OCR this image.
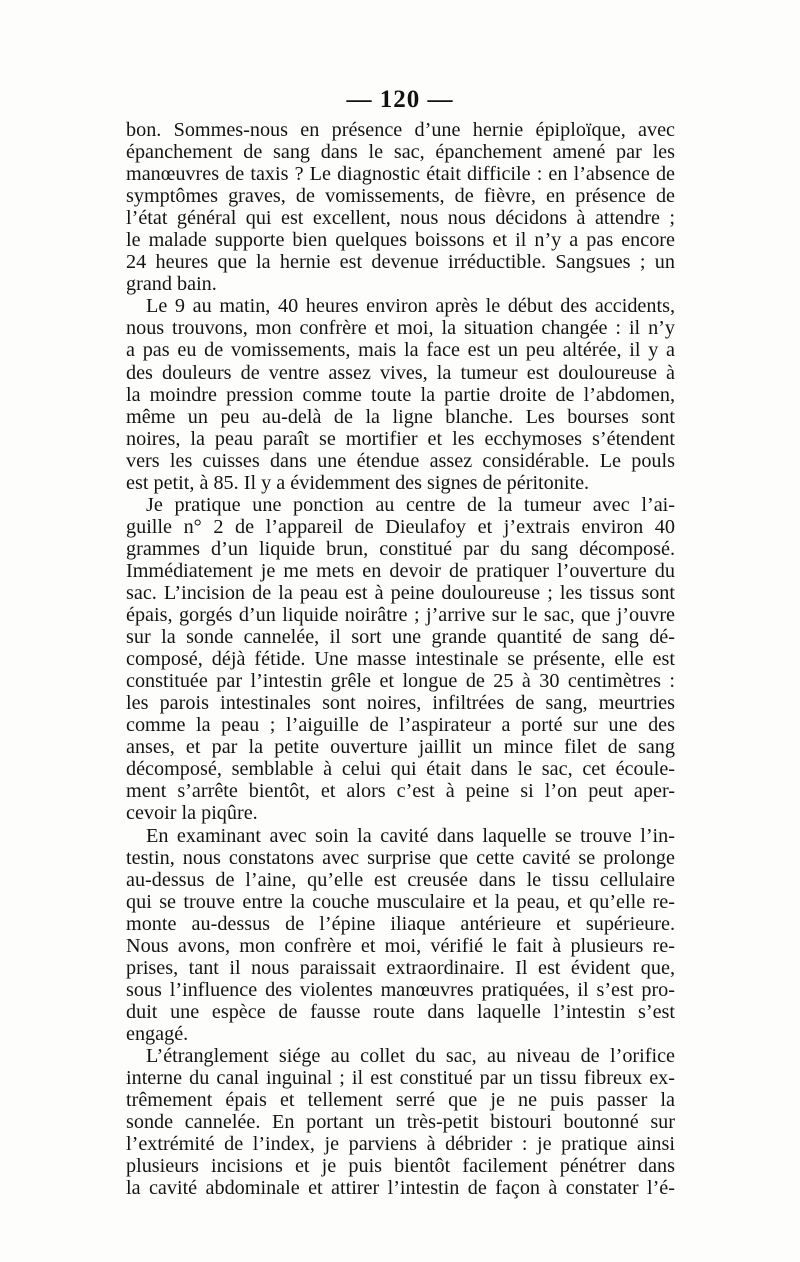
— 120 —
bon. Sommes-nous en présence d’une hernie épiploïque, avec
épanchement de sang dans le sac, épanchement amené par les
manœuvres de taxis ? Le diagnostic était difficile : en l’absence de
symptômes graves, de vomissements, de fièvre, en présence de
l’état général qui est excellent, nous nous décidons à attendre ;
le malade supporte bien quelques boissons et il n’y a pas encore
24 heures que la hernie est devenue irréductible. Sangsues ; un
grand bain.
Le 9 au matin, 40 heures environ après le début des accidents,
nous trouvons, mon confrère et moi, la situation changée : il n’y
a pas eu de vomissements, mais la face est un peu altérée, il y a
des douleurs de ventre assez vives, la tumeur est douloureuse à
la moindre pression comme toute la partie droite de l’abdomen,
même un peu au-delà de la ligne blanche. Les bourses sont
noires, la peau paraît se mortifier et les ecchymoses s’étendent
vers les cuisses dans une étendue assez considérable. Le pouls
est petit, à 85. Il y a évidemment des signes de péritonite.
Je pratique une ponction au centre de la tumeur avec l’ai-
guille n° 2 de l’appareil de Dieulafoy et j’extrais environ 40
grammes d’un liquide brun, constitué par du sang décomposé.
Immédiatement je me mets en devoir de pratiquer l’ouverture du
sac. L’incision de la peau est à peine douloureuse ; les tissus sont
épais, gorgés d’un liquide noirâtre ; j’arrive sur le sac, que j’ouvre
sur la sonde cannelée, il sort une grande quantité de sang dé-
composé, déjà fétide. Une masse intestinale se présente, elle est
constituée par l’intestin grêle et longue de 25 à 30 centimètres :
les parois intestinales sont noires, infiltrées de sang, meurtries
comme la peau ; l’aiguille de l’aspirateur a porté sur une des
anses, et par la petite ouverture jaillit un mince filet de sang
décomposé, semblable à celui qui était dans le sac, cet écoule-
ment s’arrête bientôt, et alors c’est à peine si l’on peut aper-
cevoir la piqûre.
En examinant avec soin la cavité dans laquelle se trouve l’in-
testin, nous constatons avec surprise que cette cavité se prolonge
au-dessus de l’aine, qu’elle est creusée dans le tissu cellulaire
qui se trouve entre la couche musculaire et la peau, et qu’elle re-
monte au-dessus de l’épine iliaque antérieure et supérieure.
Nous avons, mon confrère et moi, vérifié le fait à plusieurs re-
prises, tant il nous paraissait extraordinaire. Il est évident que,
sous l’influence des violentes manœuvres pratiquées, il s’est pro-
duit une espèce de fausse route dans laquelle l’intestin s’est
engagé.
L’étranglement siége au collet du sac, au niveau de l’orifice
interne du canal inguinal ; il est constitué par un tissu fibreux ex-
trêmement épais et tellement serré que je ne puis passer la
sonde cannelée. En portant un très-petit bistouri boutonné sur
l’extrémité de l’index, je parviens à débrider : je pratique ainsi
plusieurs incisions et je puis bientôt facilement pénétrer dans
la cavité abdominale et attirer l’intestin de façon à constater l’é-
